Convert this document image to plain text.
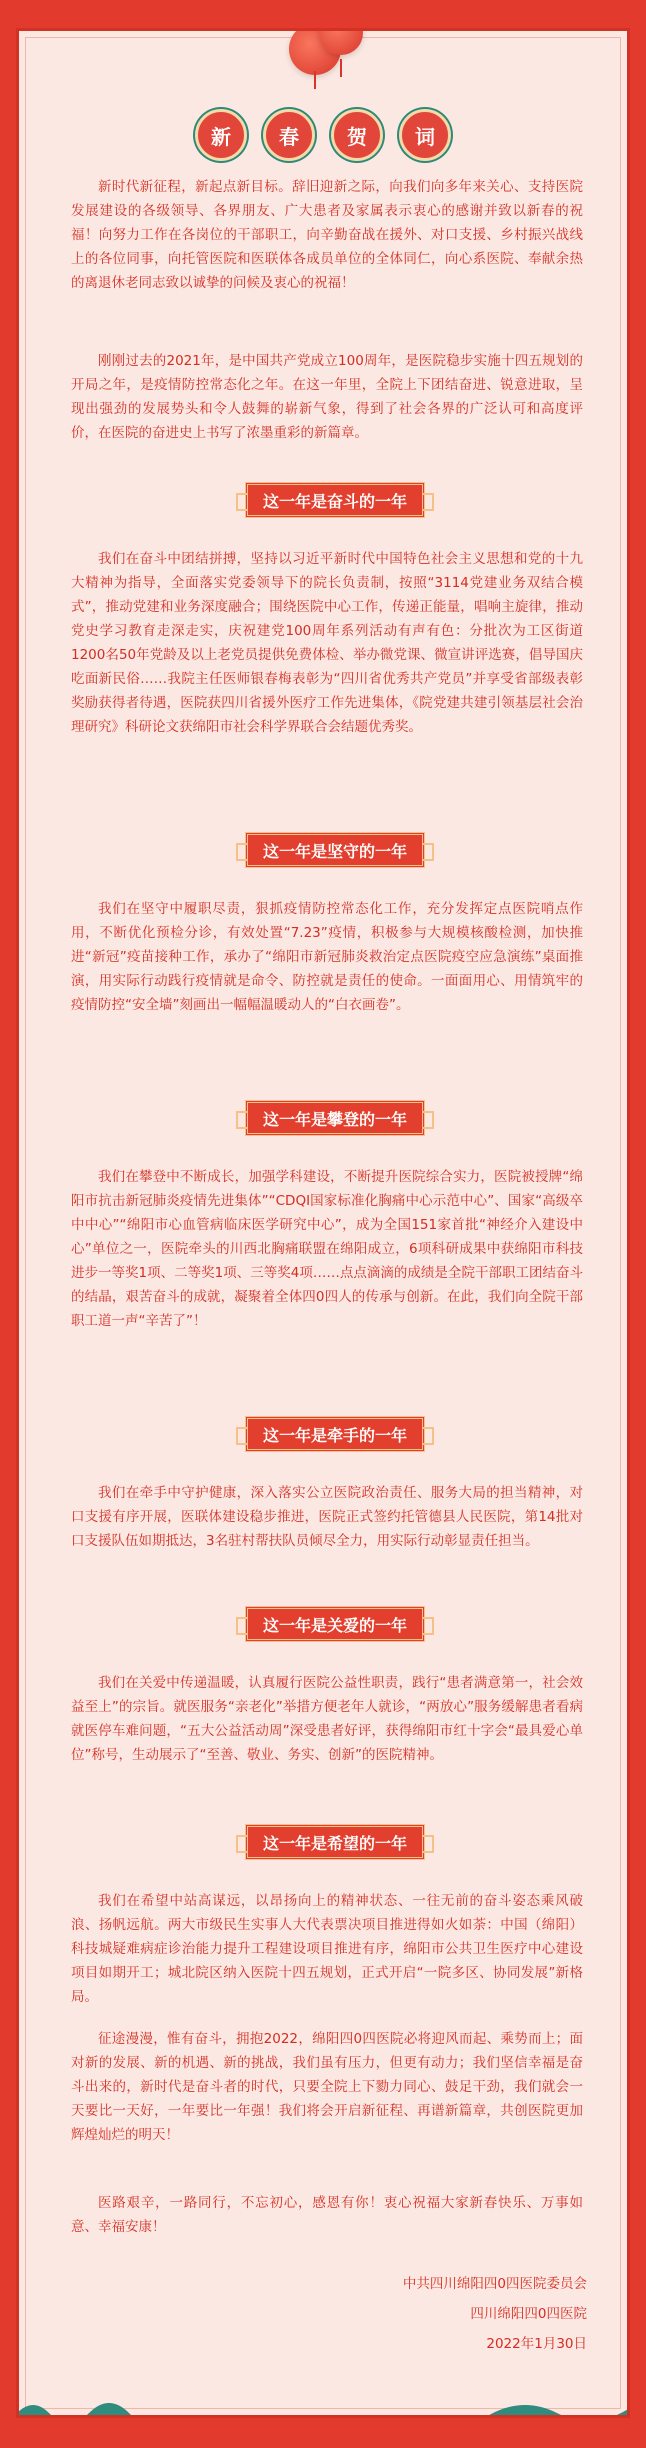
新	春	贺	词

新时代新征程，新起点新目标。辞旧迎新之际，向我们向多年来关心、支持医院发展建设的各级领导、各界朋友、广大患者及家属表示衷心的感谢并致以新春的祝福！向努力工作在各岗位的干部职工，向辛勤奋战在援外、对口支援、乡村振兴战线上的各位同事，向托管医院和医联体各成员单位的全体同仁，向心系医院、奉献余热的离退休老同志致以诚挚的问候及衷心的祝福！

刚刚过去的2021年，是中国共产党成立100周年，是医院稳步实施十四五规划的开局之年，是疫情防控常态化之年。在这一年里，全院上下团结奋进、锐意进取，呈现出强劲的发展势头和令人鼓舞的崭新气象，得到了社会各界的广泛认可和高度评价，在医院的奋进史上书写了浓墨重彩的新篇章。

这一年是奋斗的一年

我们在奋斗中团结拼搏，坚持以习近平新时代中国特色社会主义思想和党的十九大精神为指导，全面落实党委领导下的院长负责制，按照“3114党建业务双结合模式”，推动党建和业务深度融合；围绕医院中心工作，传递正能量，唱响主旋律，推动党史学习教育走深走实，庆祝建党100周年系列活动有声有色：分批次为工区街道1200名50年党龄及以上老党员提供免费体检、举办微党课、微宣讲评选赛，倡导国庆吃面新民俗……我院主任医师银春梅表彰为“四川省优秀共产党员”并享受省部级表彰奖励获得者待遇，医院获四川省援外医疗工作先进集体，《院党建共建引领基层社会治理研究》科研论文获绵阳市社会科学界联合会结题优秀奖。

这一年是坚守的一年

我们在坚守中履职尽责，狠抓疫情防控常态化工作，充分发挥定点医院哨点作用，不断优化预检分诊，有效处置“7.23”疫情，积极参与大规模核酸检测，加快推进“新冠”疫苗接种工作，承办了“绵阳市新冠肺炎救治定点医院疫空应急演练”桌面推演，用实际行动践行疫情就是命令、防控就是责任的使命。一面面用心、用情筑牢的疫情防控“安全墙”刻画出一幅幅温暖动人的“白衣画卷”。

这一年是攀登的一年

我们在攀登中不断成长，加强学科建设，不断提升医院综合实力，医院被授牌“绵阳市抗击新冠肺炎疫情先进集体”“CDQI国家标准化胸痛中心示范中心”、国家“高级卒中中心”“绵阳市心血管病临床医学研究中心”，成为全国151家首批“神经介入建设中心”单位之一，医院牵头的川西北胸痛联盟在绵阳成立，6项科研成果中获绵阳市科技进步一等奖1项、二等奖1项、三等奖4项……点点滴滴的成绩是全院干部职工团结奋斗的结晶，艰苦奋斗的成就，凝聚着全体四0四人的传承与创新。在此，我们向全院干部职工道一声“辛苦了”！

这一年是牵手的一年

我们在牵手中守护健康，深入落实公立医院政治责任、服务大局的担当精神，对口支援有序开展，医联体建设稳步推进，医院正式签约托管德县人民医院，第14批对口支援队伍如期抵达，3名驻村帮扶队员倾尽全力，用实际行动彰显责任担当。

这一年是关爱的一年

我们在关爱中传递温暖，认真履行医院公益性职责，践行“患者满意第一，社会效益至上”的宗旨。就医服务“亲老化”举措方便老年人就诊，“两放心”服务缓解患者看病就医停车难问题，“五大公益活动周”深受患者好评，获得绵阳市红十字会“最具爱心单位”称号，生动展示了“至善、敬业、务实、创新”的医院精神。

这一年是希望的一年

我们在希望中站高谋远，以昂扬向上的精神状态、一往无前的奋斗姿态乘风破浪、扬帆远航。两大市级民生实事人大代表票决项目推进得如火如荼：中国（绵阳）科技城疑难病症诊治能力提升工程建设项目推进有序，绵阳市公共卫生医疗中心建设项目如期开工；城北院区纳入医院十四五规划，正式开启“一院多区、协同发展”新格局。

征途漫漫，惟有奋斗，拥抱2022，绵阳四0四医院必将迎风而起、乘势而上；面对新的发展、新的机遇、新的挑战，我们虽有压力，但更有动力；我们坚信幸福是奋斗出来的，新时代是奋斗者的时代，只要全院上下勠力同心、鼓足干劲，我们就会一天要比一天好，一年要比一年强！我们将会开启新征程、再谱新篇章，共创医院更加辉煌灿烂的明天！

医路艰辛，一路同行，不忘初心，感恩有你！衷心祝福大家新春快乐、万事如意、幸福安康！

中共四川绵阳四0四医院委员会
四川绵阳四0四医院
2022年1月30日
